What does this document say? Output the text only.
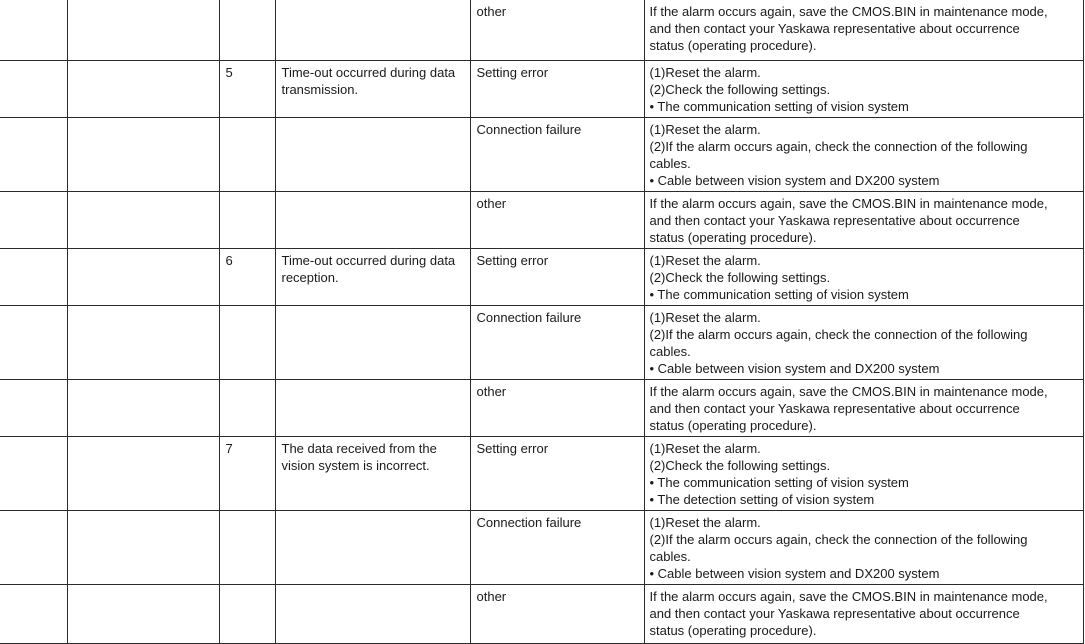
				other	If the alarm occurs again, save the CMOS.BIN in maintenance mode,
and then contact your Yaskawa representative about occurrence
status (operating procedure).

		5	Time-out occurred during data transmission.	Setting error	(1)Reset the alarm.
(2)Check the following settings.
• The communication setting of vision system

				Connection failure	(1)Reset the alarm.
(2)If the alarm occurs again, check the connection of the following
cables.
• Cable between vision system and DX200 system

				other	If the alarm occurs again, save the CMOS.BIN in maintenance mode,
and then contact your Yaskawa representative about occurrence
status (operating procedure).

		6	Time-out occurred during data reception.	Setting error	(1)Reset the alarm.
(2)Check the following settings.
• The communication setting of vision system

				Connection failure	(1)Reset the alarm.
(2)If the alarm occurs again, check the connection of the following
cables.
• Cable between vision system and DX200 system

				other	If the alarm occurs again, save the CMOS.BIN in maintenance mode,
and then contact your Yaskawa representative about occurrence
status (operating procedure).

		7	The data received from the vision system is incorrect.	Setting error	(1)Reset the alarm.
(2)Check the following settings.
• The communication setting of vision system
• The detection setting of vision system

				Connection failure	(1)Reset the alarm.
(2)If the alarm occurs again, check the connection of the following
cables.
• Cable between vision system and DX200 system

				other	If the alarm occurs again, save the CMOS.BIN in maintenance mode,
and then contact your Yaskawa representative about occurrence
status (operating procedure).
